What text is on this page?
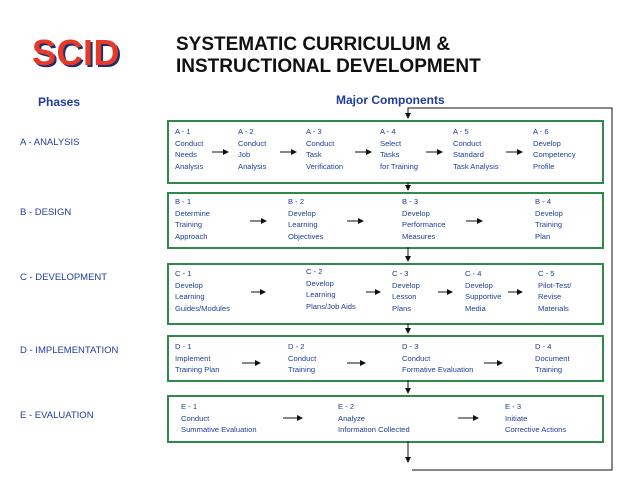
SCID	SYSTEMATIC CURRICULUM &
INSTRUCTIONAL DEVELOPMENT
Phases	Major Components
A - ANALYSIS
B - DESIGN
C - DEVELOPMENT
D - IMPLEMENTATION
E - EVALUATION
A - 1
Conduct
Needs
Analysis
A - 2
Conduct
Job
Analysis
A - 3
Conduct
Task
Verification
A - 4
Select
Tasks
for Training
A - 5
Conduct
Standard
Task Analysis
A - 6
Develop
Competency
Profile
B - 1
Determine
Training
Approach
B - 2
Develop
Learning
Objectives
B - 3
Develop
Performance
Measures
B - 4
Develop
Training
Plan
C - 1
Develop
Learning
Guides/Modules
C - 2
Develop
Learning
Plans/Job Aids
C - 3
Develop
Lesson
Plans
C - 4
Develop
Supportive
Media
C - 5
Pilot-Test/
Revise
Materials
D - 1
Implement
Training Plan
D - 2
Conduct
Training
D - 3
Conduct
Formative Evaluation
D - 4
Document
Training
E - 1
Conduct
Summative Evaluation
E - 2
Analyze
Information Collected
E - 3
Initiate
Corrective Actions
